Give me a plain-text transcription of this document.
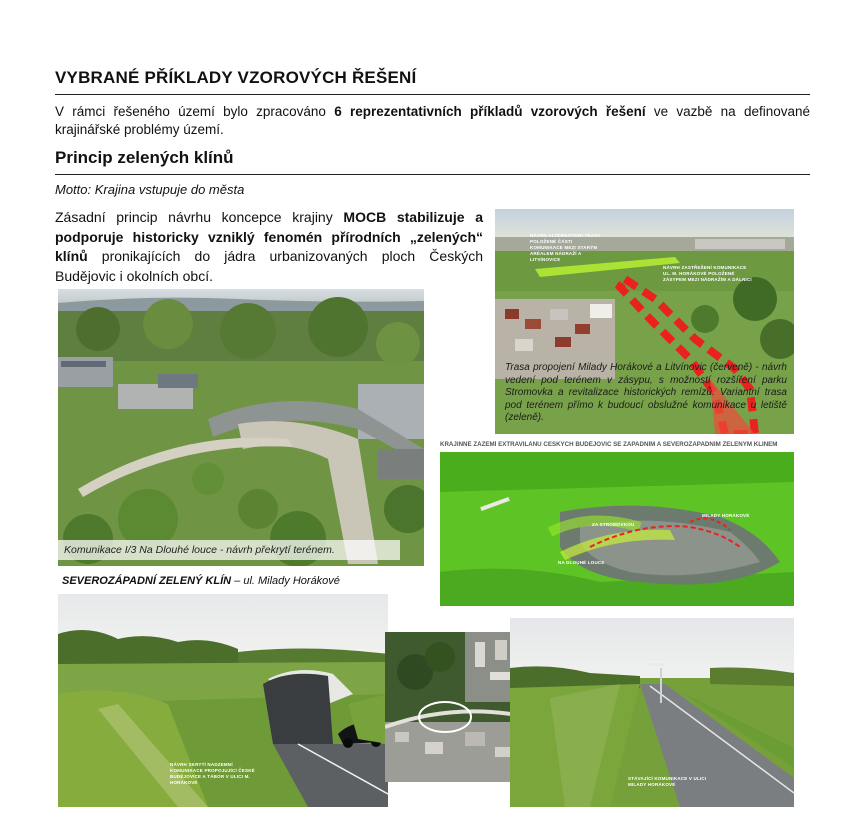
VYBRANÉ PŘÍKLADY VZOROVÝCH ŘEŠENÍ
V rámci řešeného území bylo zpracováno 6 reprezentativních příkladů vzorových řešení ve vazbě na definované krajinářské problémy území.
Princip zelených klínů
Motto: Krajina vstupuje do města
Zásadní princip návrhu koncepce krajiny MOCB stabilizuje a podporuje historicky vzniklý fenomén přírodních „zelených“ klínů pronikajících do jádra urbanizovaných ploch Českých Budějovic i okolních obcí.
Komunikace I/3 Na Dlouhé louce - návrh překrytí terénem.
NÁVRH ALTERNATIVNÍ TRASY POLOŽENÉ ČÁSTI KOMUNIKACE MEZI STARÝM ARÉALEM NÁDRAŽÍ A LITVÍNOVICE
NÁVRH ZASTŘEŠENÍ KOMUNIKACE UL. M. HORÁKOVÉ POLOŽENÉ ZÁSYPEM MEZI NÁDRAŽÍM A DÁLNICÍ
Trasa propojení Milady Horákové a Litvínovic (červeně) - návrh vedení pod terénem v zásypu, s možností rozšíření parku Stromovka a revitalizace historických remízů. Variantní trasa pod terénem přímo k budoucí obslužné komunikace u letiště (zeleně).
KRAJINNÉ ZÁZEMÍ EXTRAVILÁNU ČESKÝCH BUDĚJOVIC SE ZÁPADNÍM A SEVEROZÁPADNÍM ZELENÝM KLÍNEM
ZA STROMOVKOU
MILADY HORÁKOVÉ
NA DLOUHÉ LOUCE
SEVEROZÁPADNÍ ZELENÝ KLÍN – ul. Milady Horákové
NÁVRH SKRYTÍ NADZEMNÍ KOMUNIKACE PROPOJUJÍCÍ ČESKÉ BUDĚJOVICE A TÁBOR V ULICI M. HORÁKOVÉ
STÁVAJÍCÍ KOMUNIKACE V ULICI MILADY HORÁKOVÉ
